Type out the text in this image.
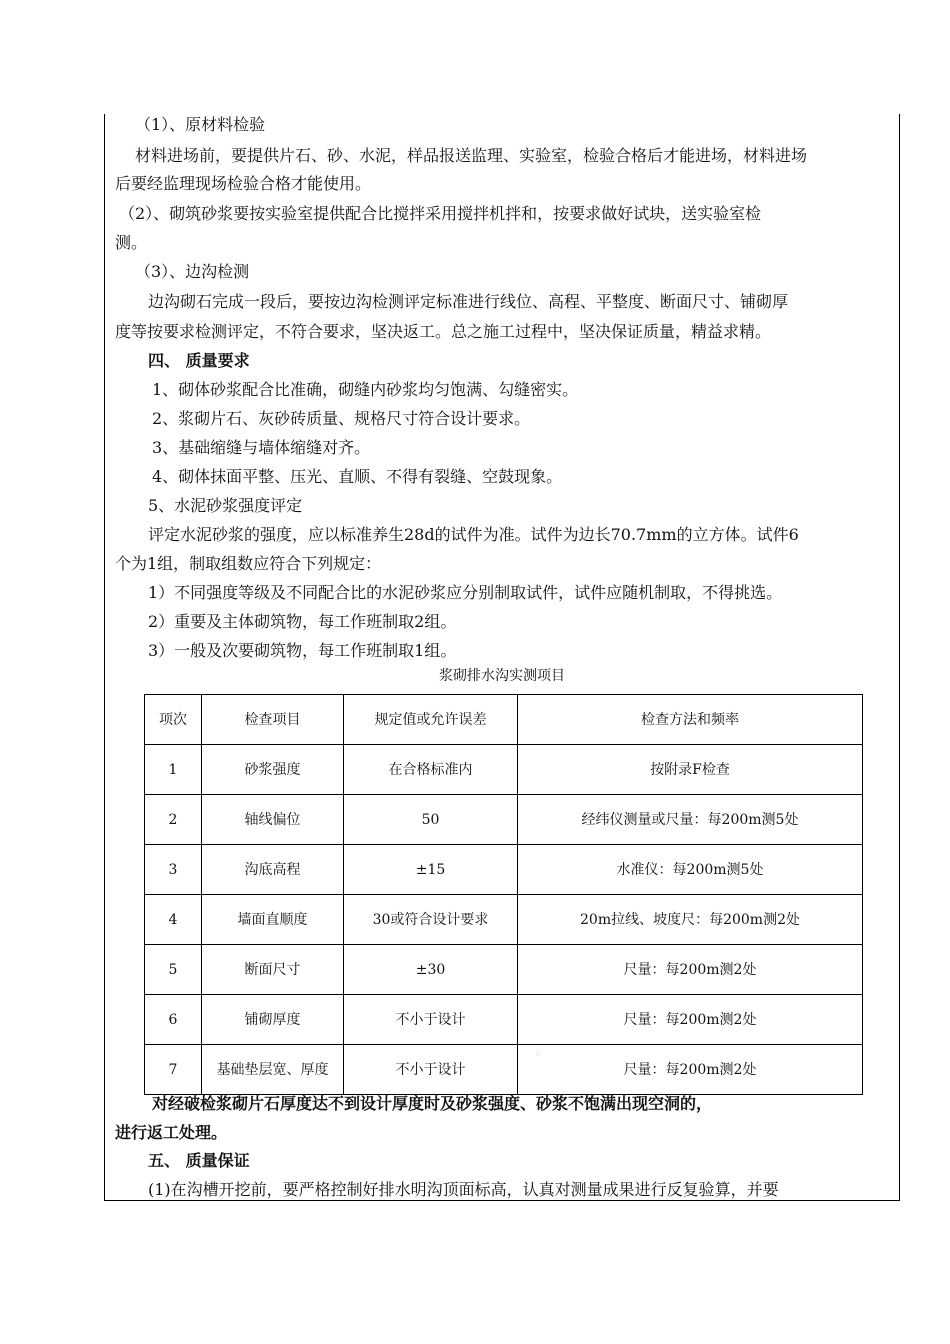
（1）、原材料检验
材料进场前，要提供片石、砂、水泥，样品报送监理、实验室，检验合格后才能进场，材料进场
后要经监理现场检验合格才能使用。
（2）、砌筑砂浆要按实验室提供配合比搅拌采用搅拌机拌和，按要求做好试块，送实验室检
测。
（3）、边沟检测
边沟砌石完成一段后，要按边沟检测评定标准进行线位、高程、平整度、断面尺寸、铺砌厚
度等按要求检测评定，不符合要求，坚决返工。总之施工过程中，坚决保证质量，精益求精。
四、 质量要求
1、砌体砂浆配合比准确，砌缝内砂浆均匀饱满、勾缝密实。
2、浆砌片石、灰砂砖质量、规格尺寸符合设计要求。
3、基础缩缝与墙体缩缝对齐。
4、砌体抹面平整、压光、直顺、不得有裂缝、空鼓现象。
5、水泥砂浆强度评定
评定水泥砂浆的强度，应以标准养生28d的试件为准。试件为边长70.7mm的立方体。试件6
个为1组，制取组数应符合下列规定：
1）不同强度等级及不同配合比的水泥砂浆应分别制取试件，试件应随机制取，不得挑选。
2）重要及主体砌筑物，每工作班制取2组。
3）一般及次要砌筑物，每工作班制取1组。
浆砌排水沟实测项目
项次	检查项目	规定值或允许误差	检查方法和频率
1	砂浆强度	在合格标准内	按附录F检查
2	轴线偏位	50	经纬仪测量或尺量：每200m测5处
3	沟底高程	±15	水准仪：每200m测5处
4	墙面直顺度	30或符合设计要求	20m拉线、坡度尺：每200m测2处
5	断面尺寸	±30	尺量：每200m测2处
6	铺砌厚度	不小于设计	尺量：每200m测2处
7	基础垫层宽、厚度	不小于设计	尺量：每200m测2处
对经破检浆砌片石厚度达不到设计厚度时及砂浆强度、砂浆不饱满出现空洞的，
进行返工处理。
五、 质量保证
(1)在沟槽开挖前，要严格控制好排水明沟顶面标高，认真对测量成果进行反复验算，并要
◦
